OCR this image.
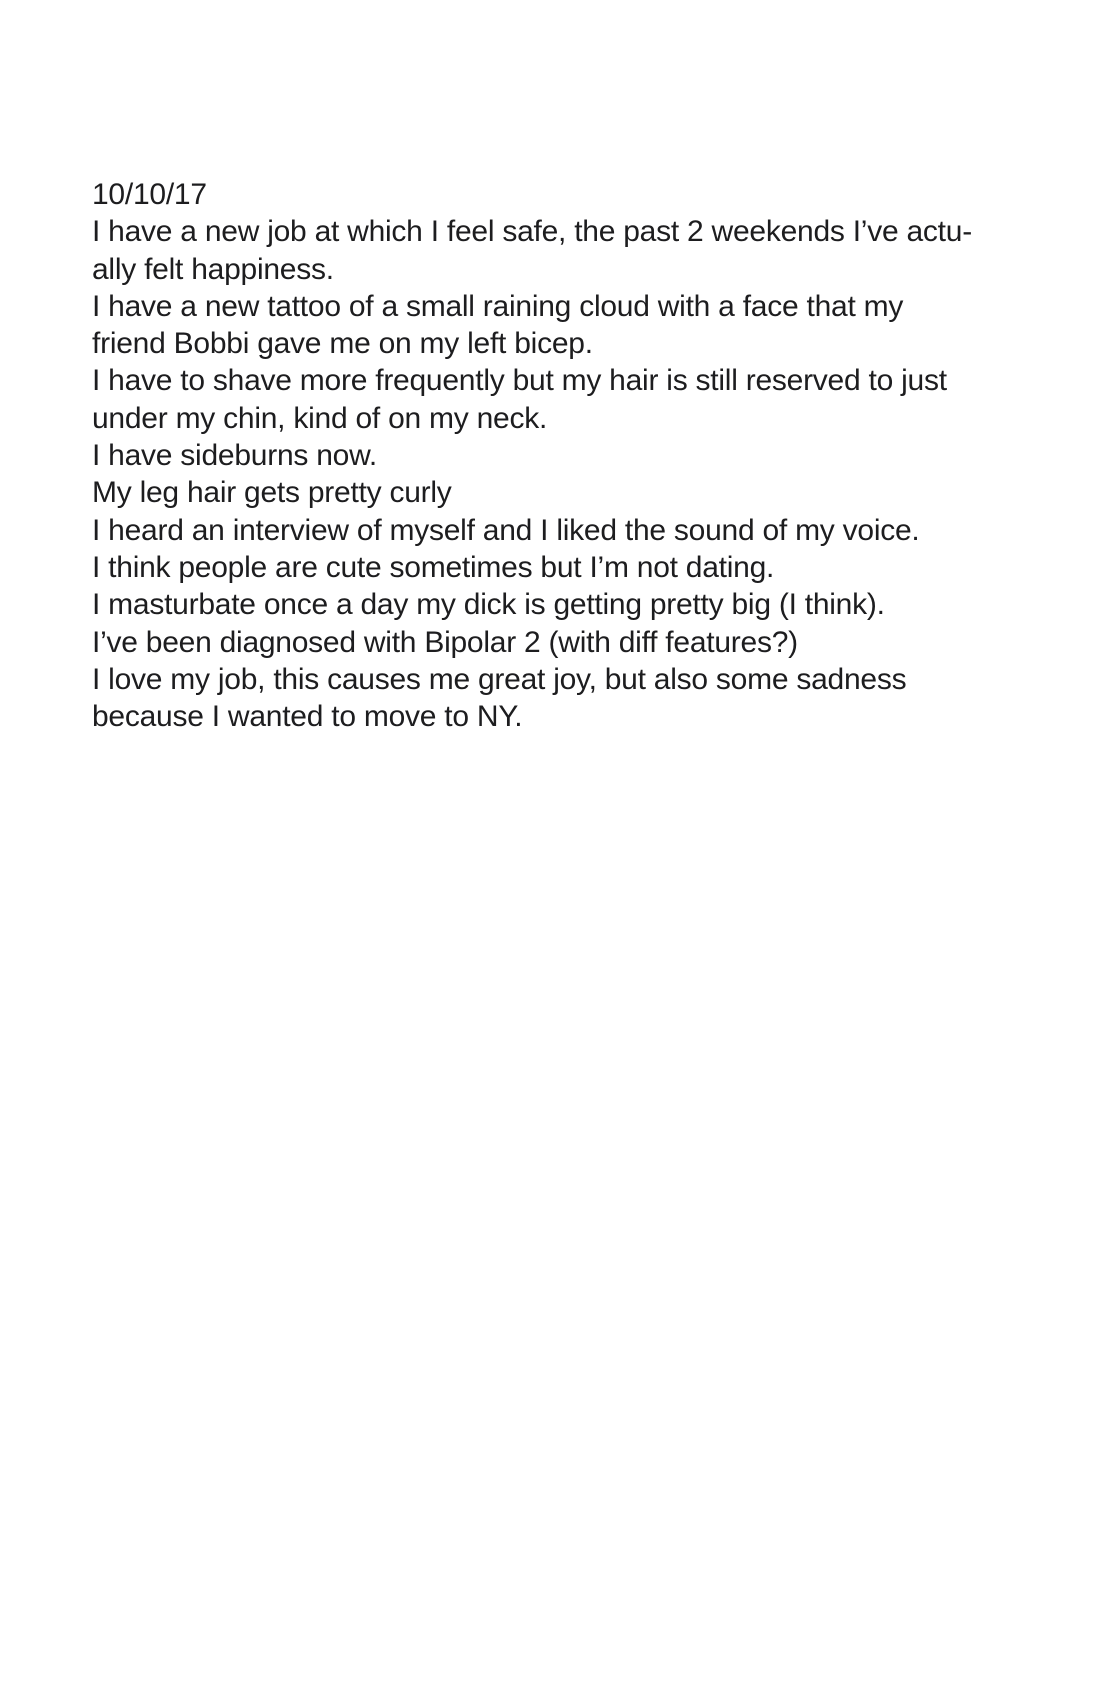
10/10/17
I have a new job at which I feel safe, the past 2 weekends I’ve actu-
ally felt happiness.
I have a new tattoo of a small raining cloud with a face that my
friend Bobbi gave me on my left bicep.
I have to shave more frequently but my hair is still reserved to just
under my chin, kind of on my neck.
I have sideburns now.
My leg hair gets pretty curly
I heard an interview of myself and I liked the sound of my voice.
I think people are cute sometimes but I’m not dating.
I masturbate once a day my dick is getting pretty big (I think).
I’ve been diagnosed with Bipolar 2 (with diff features?)
I love my job, this causes me great joy, but also some sadness
because I wanted to move to NY.
